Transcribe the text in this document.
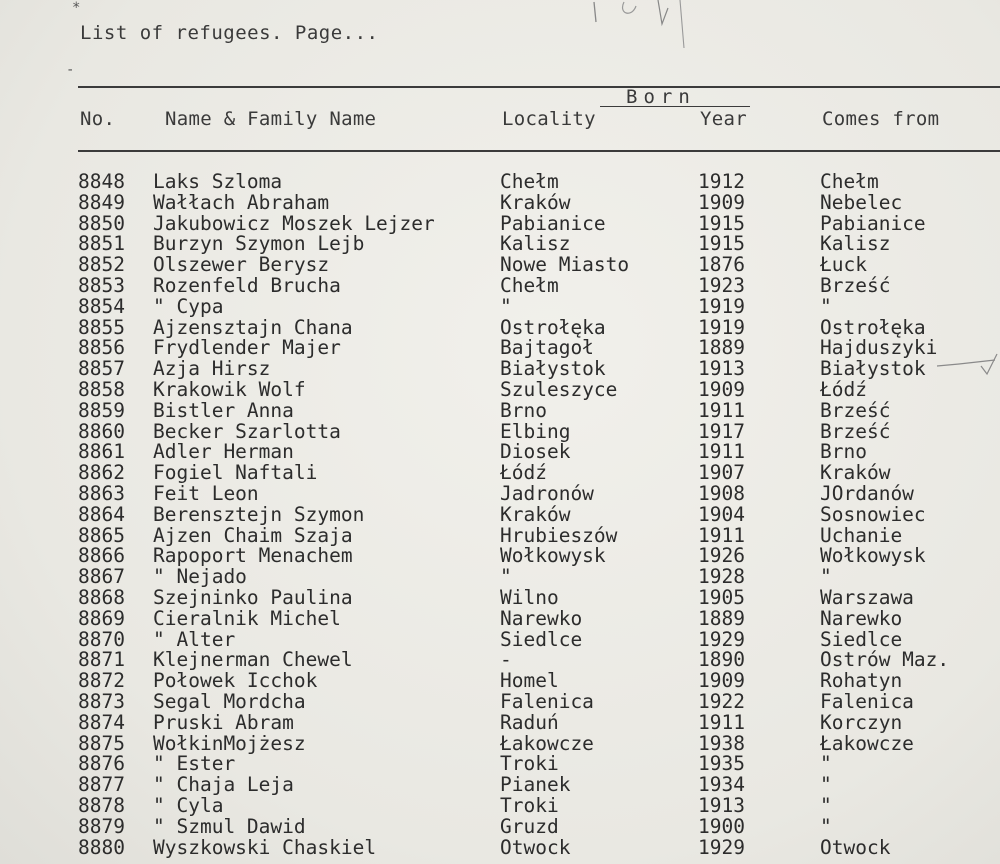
*
-
List of refugees. Page...
Born
No.	Name & Family Name	Locality	Year	Comes from
8848 Laks Szloma	Chełm	1912	Chełm
8849 Wałłach Abraham	Kraków	1909	Nebelec
8850 Jakubowicz Moszek Lejzer	Pabianice	1915	Pabianice
8851 Burzyn Szymon Lejb	Kalisz	1915	Kalisz
8852 Olszewer Berysz	Nowe Miasto	1876	Łuck
8853 Rozenfeld Brucha	Chełm	1923	Brześć
8854 " Cypa	"	1919	"
8855 Ajzensztajn Chana	Ostrołęka	1919	Ostrołęka
8856 Frydlender Majer	Bajtagoł	1889	Hajduszyki
8857 Azja Hirsz	Białystok	1913	Białystok
8858 Krakowik Wolf	Szuleszyce	1909	Łódź
8859 Bistler Anna	Brno	1911	Brześć
8860 Becker Szarlotta	Elbing	1917	Brześć
8861 Adler Herman	Diosek	1911	Brno
8862 Fogiel Naftali	Łódź	1907	Kraków
8863 Feit Leon	Jadronów	1908	JOrdanów
8864 Berensztejn Szymon	Kraków	1904	Sosnowiec
8865 Ajzen Chaim Szaja	Hrubieszów	1911	Uchanie
8866 Rapoport Menachem	Wołkowysk	1926	Wołkowysk
8867 " Nejado	"	1928	"
8868 Szejninko Paulina	Wilno	1905	Warszawa
8869 Cieralnik Michel	Narewko	1889	Narewko
8870 " Alter	Siedlce	1929	Siedlce
8871 Klejnerman Chewel	-	1890	Ostrów Maz.
8872 Połowek Icchok	Homel	1909	Rohatyn
8873 Segal Mordcha	Falenica	1922	Falenica
8874 Pruski Abram	Raduń	1911	Korczyn
8875 WołkinMojżesz	Łakowcze	1938	Łakowcze
8876 " Ester	Troki	1935	"
8877 " Chaja Leja	Pianek	1934	"
8878 " Cyla	Troki	1913	"
8879 " Szmul Dawid	Gruzd	1900	"
8880 Wyszkowski Chaskiel	Otwock	1929	Otwock
